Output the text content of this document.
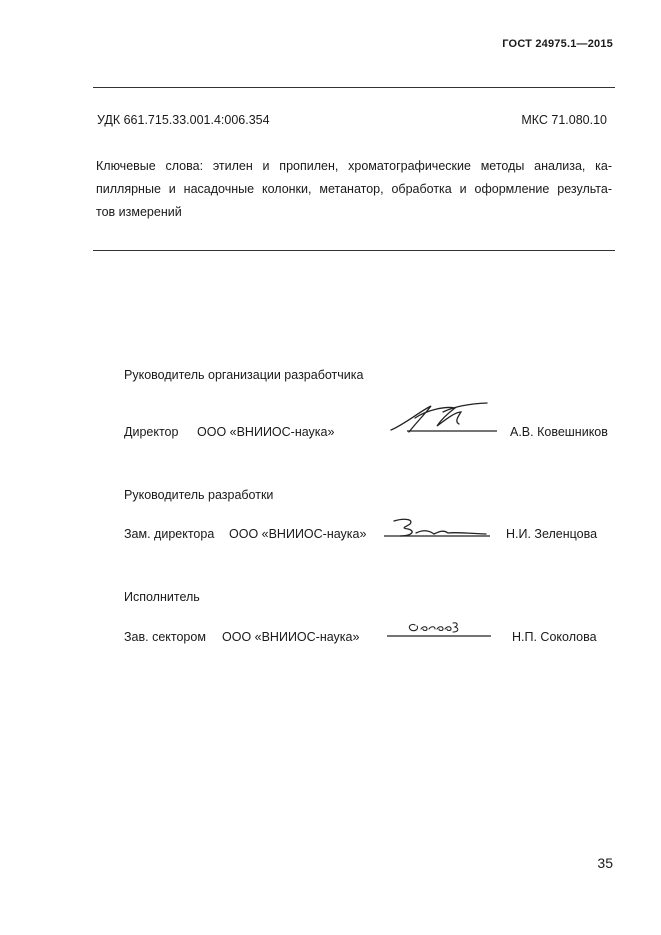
ГОСТ 24975.1—2015
УДК 661.715.33.001.4:006.354	МКС 71.080.10
Ключевые слова: этилен и пропилен, хроматографические методы анализа, ка-
пиллярные и насадочные колонки, метанатор, обработка и оформление результа-
тов измерений
Руководитель организации разработчика
Директор ООО «ВНИИОС-наука»	А.В. Ковешников
Руководитель разработки
Зам. директора ООО «ВНИИОС-наука»	Н.И. Зеленцова
Исполнитель
Зав. сектором ООО «ВНИИОС-наука»	Н.П. Соколова
35
